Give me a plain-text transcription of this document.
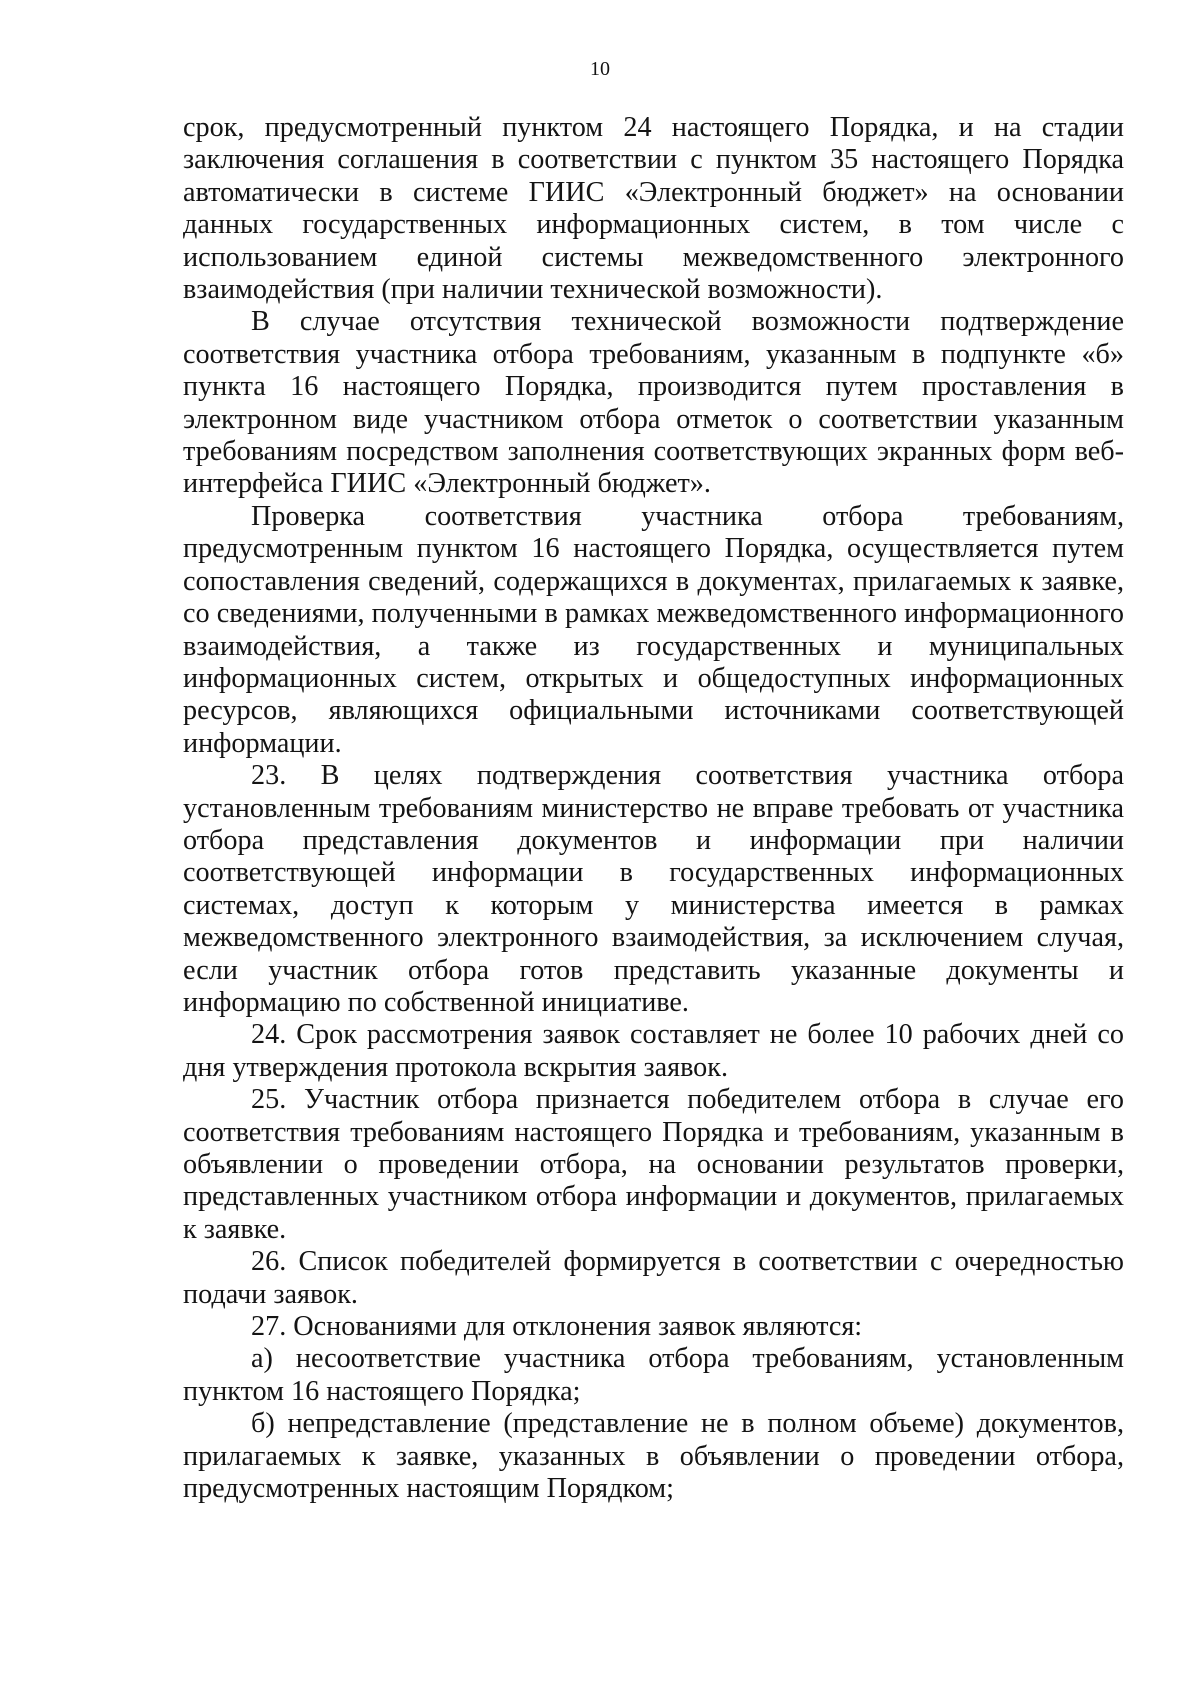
10

срок, предусмотренный пунктом 24 настоящего Порядка, и на стадии заключения соглашения в соответствии с пунктом 35 настоящего Порядка автоматически в системе ГИИС «Электронный бюджет» на основании данных государственных информационных систем, в том числе с использованием единой системы межведомственного электронного взаимодействия (при наличии технической возможности).

В случае отсутствия технической возможности подтверждение соответствия участника отбора требованиям, указанным в подпункте «б» пункта 16 настоящего Порядка, производится путем проставления в электронном виде участником отбора отметок о соответствии указанным требованиям посредством заполнения соответствующих экранных форм веб-интерфейса ГИИС «Электронный бюджет».

Проверка соответствия участника отбора требованиям, предусмотренным пунктом 16 настоящего Порядка, осуществляется путем сопоставления сведений, содержащихся в документах, прилагаемых к заявке, со сведениями, полученными в рамках межведомственного информационного взаимодействия, а также из государственных и муниципальных информационных систем, открытых и общедоступных информационных ресурсов, являющихся официальными источниками соответствующей информации.

23. В целях подтверждения соответствия участника отбора установленным требованиям министерство не вправе требовать от участника отбора представления документов и информации при наличии соответствующей информации в государственных информационных системах, доступ к которым у министерства имеется в рамках межведомственного электронного взаимодействия, за исключением случая, если участник отбора готов представить указанные документы и информацию по собственной инициативе.

24. Срок рассмотрения заявок составляет не более 10 рабочих дней со дня утверждения протокола вскрытия заявок.

25. Участник отбора признается победителем отбора в случае его соответствия требованиям настоящего Порядка и требованиям, указанным в объявлении о проведении отбора, на основании результатов проверки, представленных участником отбора информации и документов, прилагаемых к заявке.

26. Список победителей формируется в соответствии с очередностью подачи заявок.

27. Основаниями для отклонения заявок являются:

а) несоответствие участника отбора требованиям, установленным пунктом 16 настоящего Порядка;

б) непредставление (представление не в полном объеме) документов, прилагаемых к заявке, указанных в объявлении о проведении отбора, предусмотренных настоящим Порядком;
